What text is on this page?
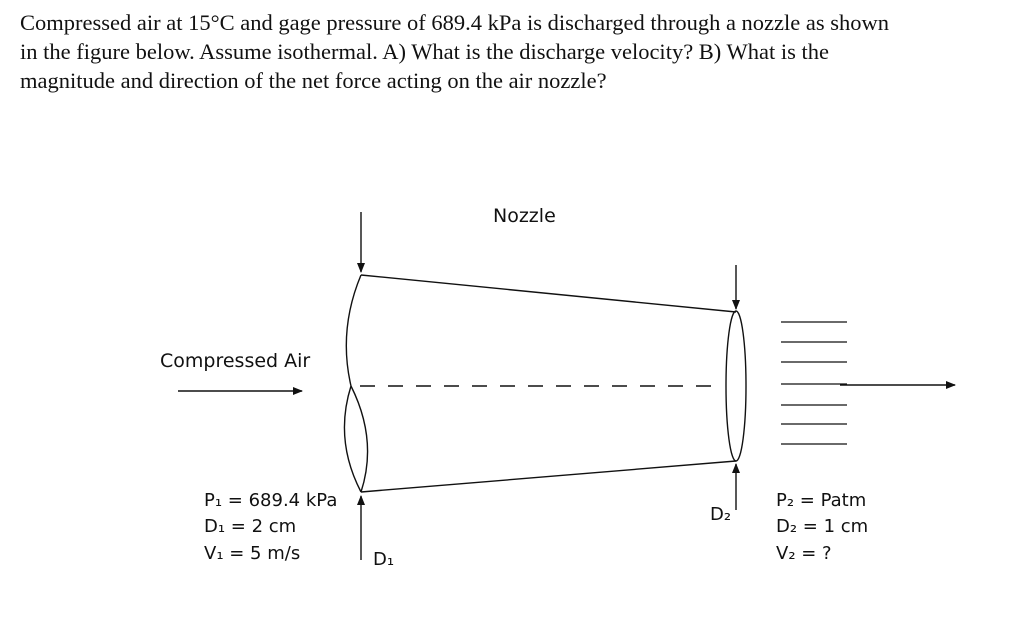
Compressed air at 15°C and gage pressure of 689.4 kPa is discharged through a nozzle as shown
in the figure below. Assume isothermal. A) What is the discharge velocity? B) What is the
magnitude and direction of the net force acting on the air nozzle?
Nozzle
Compressed Air
P₁ = 689.4 kPa
D₁ = 2 cm
V₁ = 5 m/s	D₁
D₂
P₂ = Patm
D₂ = 1 cm
V₂ = ?
